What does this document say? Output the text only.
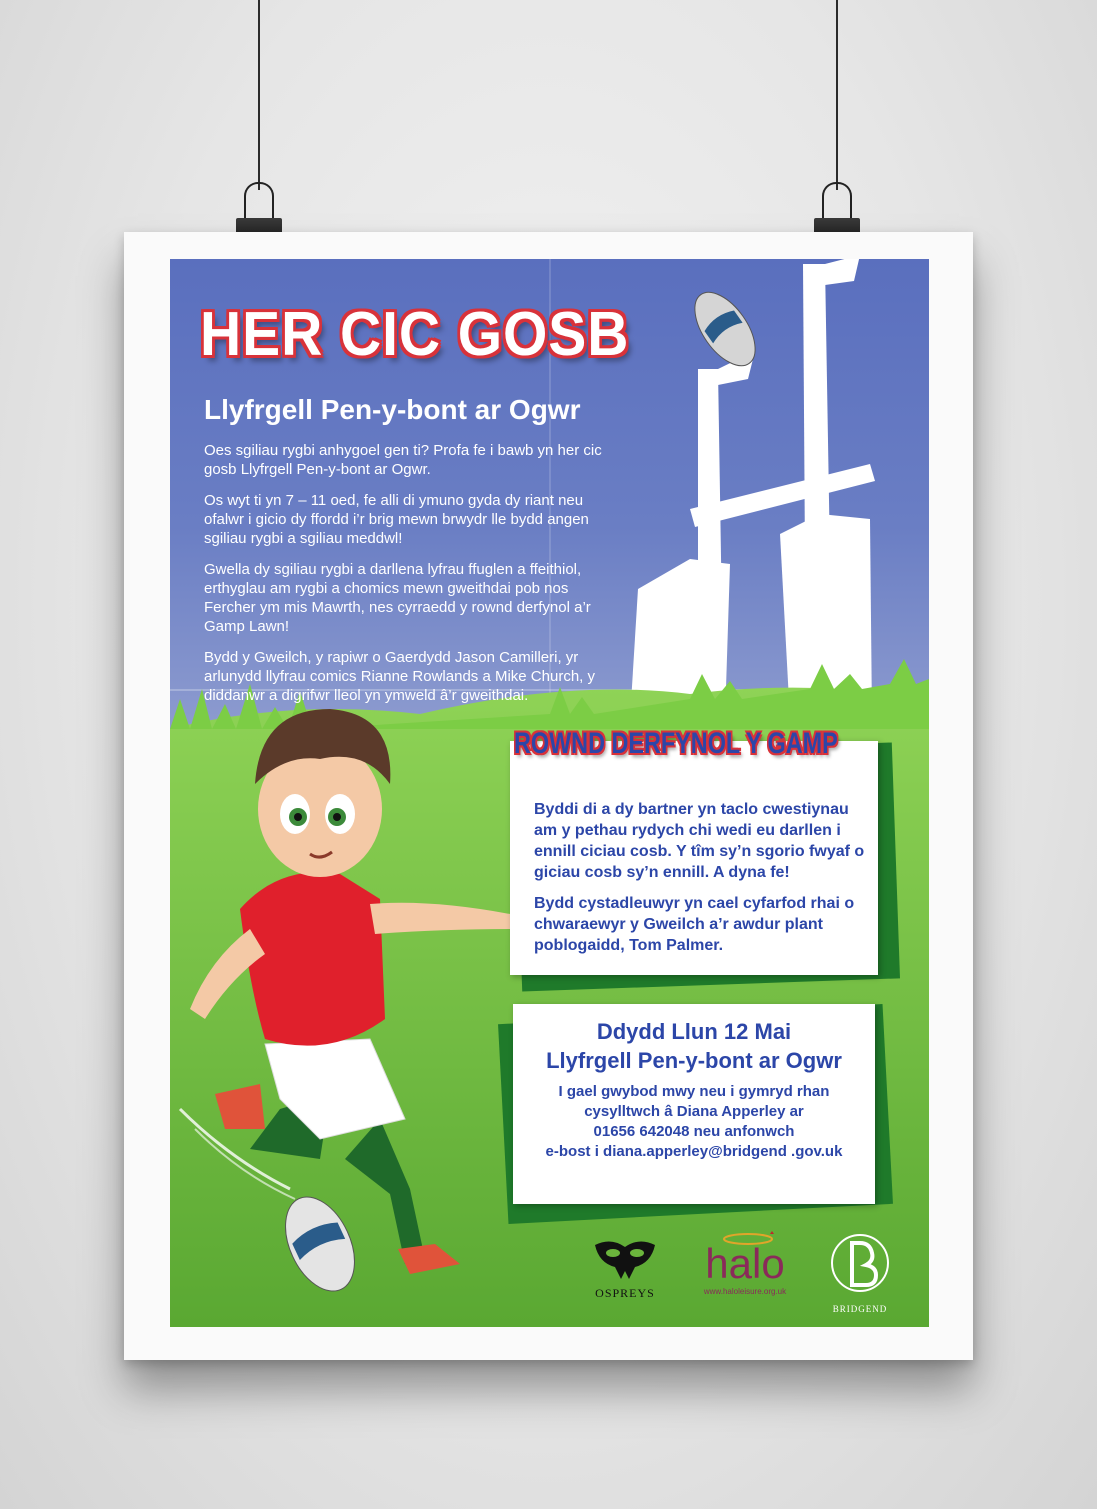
HER CIC GOSB
Llyfrgell Pen-y-bont ar Ogwr

Oes sgiliau rygbi anhygoel gen ti? Profa fe i bawb yn her cic gosb Llyfrgell Pen-y-bont ar Ogwr.

Os wyt ti yn 7 – 11 oed, fe alli di ymuno gyda dy riant neu ofalwr i gicio dy ffordd i’r brig mewn brwydr lle bydd angen sgiliau rygbi a sgiliau meddwl!

Gwella dy sgiliau rygbi a darllena lyfrau ffuglen a ffeithiol, erthyglau am rygbi a chomics mewn gweithdai pob nos Fercher ym mis Mawrth, nes cyrraedd y rownd derfynol a’r Gamp Lawn!

Bydd y Gweilch, y rapiwr o Gaerdydd Jason Camilleri, yr arlunydd llyfrau comics Rianne Rowlands a Mike Church, y diddanwr a digrifwr lleol yn ymweld â’r gweithdai.

Byddi di a dy bartner yn taclo cwestiynau am y pethau rydych chi wedi eu darllen i ennill ciciau cosb. Y tîm sy’n sgorio fwyaf o giciau cosb sy’n ennill. A dyna fe!

Bydd cystadleuwyr yn cael cyfarfod rhai o chwaraewyr y Gweilch a’r awdur plant poblogaidd, Tom Palmer.

ROWND DERFYNOL Y GAMP

Ddydd Llun 12 Mai

Llyfrgell Pen-y-bont ar Ogwr

I gael gwybod mwy neu i gymryd rhan
cysylltwch â Diana Apperley ar
01656 642048 neu anfonwch
e-bost i diana.apperley@bridgend .gov.uk

OSPREYS
halo
www.haloleisure.org.uk
BRIDGEND
